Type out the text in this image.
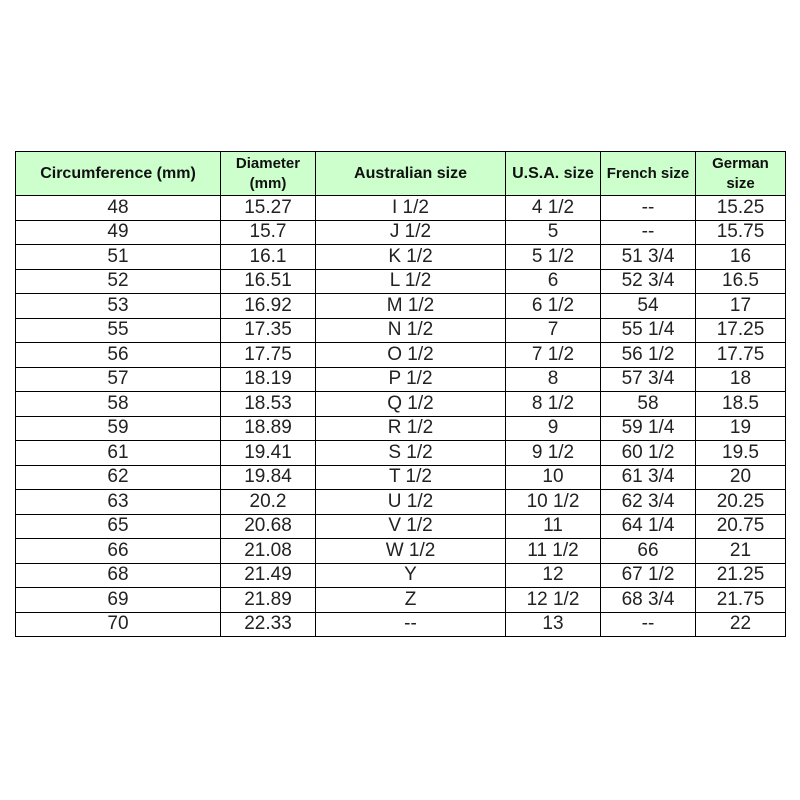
Circumference (mm)	Diameter (mm)	Australian size	U.S.A. size	French size	German size
48	15.27	I 1/2	4 1/2	--	15.25
49	15.7	J 1/2	5	--	15.75
51	16.1	K 1/2	5 1/2	51 3/4	16
52	16.51	L 1/2	6	52 3/4	16.5
53	16.92	M 1/2	6 1/2	54	17
55	17.35	N 1/2	7	55 1/4	17.25
56	17.75	O 1/2	7 1/2	56 1/2	17.75
57	18.19	P 1/2	8	57 3/4	18
58	18.53	Q 1/2	8 1/2	58	18.5
59	18.89	R 1/2	9	59 1/4	19
61	19.41	S 1/2	9 1/2	60 1/2	19.5
62	19.84	T 1/2	10	61 3/4	20
63	20.2	U 1/2	10 1/2	62 3/4	20.25
65	20.68	V 1/2	11	64 1/4	20.75
66	21.08	W 1/2	11 1/2	66	21
68	21.49	Y	12	67 1/2	21.25
69	21.89	Z	12 1/2	68 3/4	21.75
70	22.33	--	13	--	22
